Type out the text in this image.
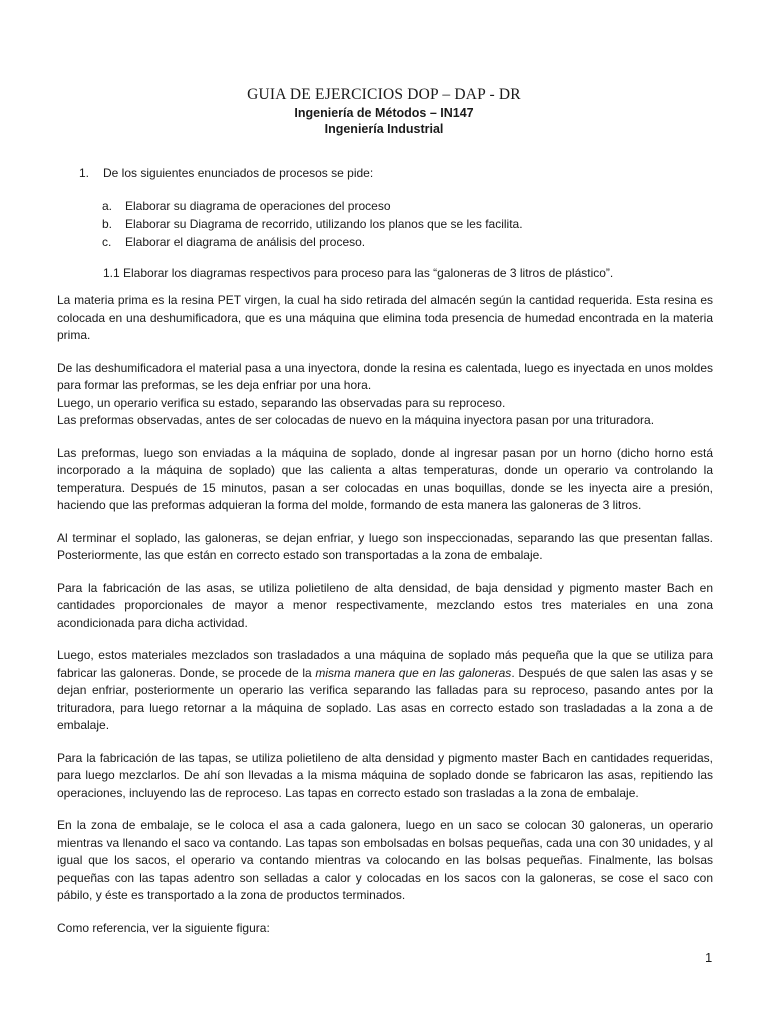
GUIA DE EJERCICIOS DOP – DAP - DR
Ingeniería de Métodos – IN147
Ingeniería Industrial
1. De los siguientes enunciados de procesos se pide:
a. Elaborar su diagrama de operaciones del proceso
b. Elaborar su Diagrama de recorrido, utilizando los planos que se les facilita.
c. Elaborar el diagrama de análisis del proceso.
1.1 Elaborar los diagramas respectivos para proceso para las “galoneras de 3 litros de plástico”.

La materia prima es la resina PET virgen, la cual ha sido retirada del almacén según la cantidad requerida. Esta resina es colocada en una deshumificadora, que es una máquina que elimina toda presencia de humedad encontrada en la materia prima.

De las deshumificadora el material pasa a una inyectora, donde la resina es calentada, luego es inyectada en unos moldes para formar las preformas, se les deja enfriar por una hora.

Luego, un operario verifica su estado, separando las observadas para su reproceso.

Las preformas observadas, antes de ser colocadas de nuevo en la máquina inyectora pasan por una trituradora.

Las preformas, luego son enviadas a la máquina de soplado, donde al ingresar pasan por un horno (dicho horno está incorporado a la máquina de soplado) que las calienta a altas temperaturas, donde un operario va controlando la temperatura. Después de 15 minutos, pasan a ser colocadas en unas boquillas, donde se les inyecta aire a presión, haciendo que las preformas adquieran la forma del molde, formando de esta manera las galoneras de 3 litros.

Al terminar el soplado, las galoneras, se dejan enfriar, y luego son inspeccionadas, separando las que presentan fallas. Posteriormente, las que están en correcto estado son transportadas a la zona de embalaje.

Para la fabricación de las asas, se utiliza polietileno de alta densidad, de baja densidad y pigmento master Bach en cantidades proporcionales de mayor a menor respectivamente, mezclando estos tres materiales en una zona acondicionada para dicha actividad.

Luego, estos materiales mezclados son trasladados a una máquina de soplado más pequeña que la que se utiliza para fabricar las galoneras. Donde, se procede de la misma manera que en las galoneras. Después de que salen las asas y se dejan enfriar, posteriormente un operario las verifica separando las falladas para su reproceso, pasando antes por la trituradora, para luego retornar a la máquina de soplado. Las asas en correcto estado son trasladadas a la zona a de embalaje.

Para la fabricación de las tapas, se utiliza polietileno de alta densidad y pigmento master Bach en cantidades requeridas, para luego mezclarlos. De ahí son llevadas a la misma máquina de soplado donde se fabricaron las asas, repitiendo las operaciones, incluyendo las de reproceso. Las tapas en correcto estado son trasladas a la zona de embalaje.

En la zona de embalaje, se le coloca el asa a cada galonera, luego en un saco se colocan 30 galoneras, un operario mientras va llenando el saco va contando. Las tapas son embolsadas en bolsas pequeñas, cada una con 30 unidades, y al igual que los sacos, el operario va contando mientras va colocando en las bolsas pequeñas. Finalmente, las bolsas pequeñas con las tapas adentro son selladas a calor y colocadas en los sacos con la galoneras, se cose el saco con pábilo, y éste es transportado a la zona de productos terminados.

Como referencia, ver la siguiente figura:

1
